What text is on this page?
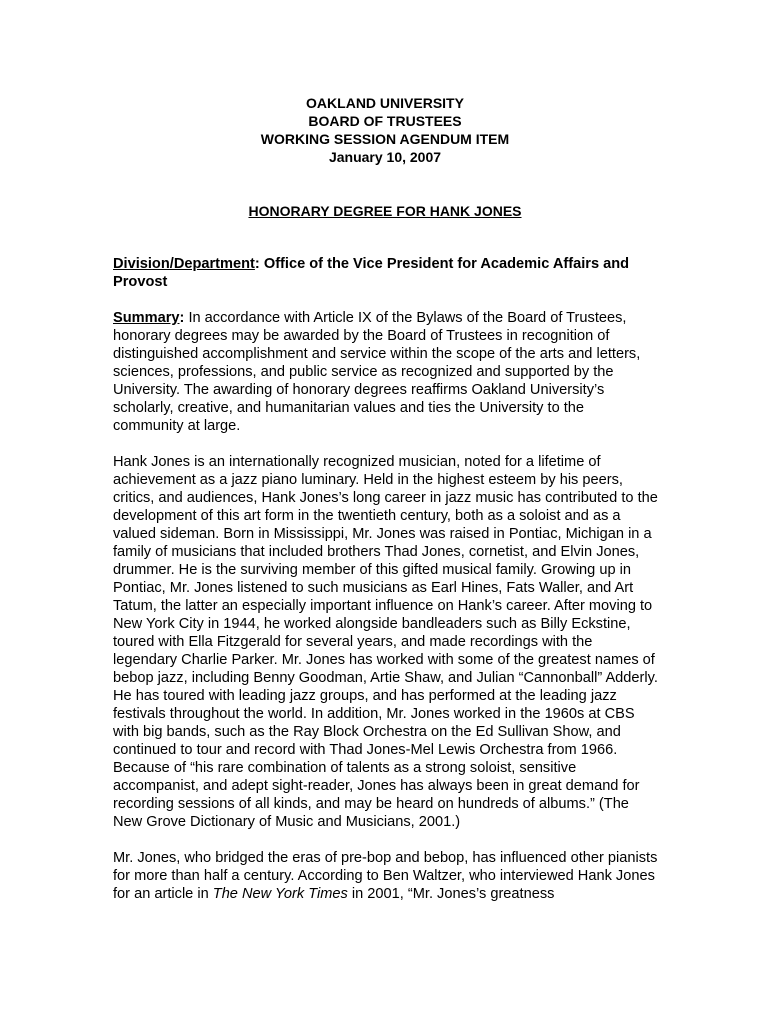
OAKLAND UNIVERSITY
BOARD OF TRUSTEES
WORKING SESSION AGENDUM ITEM
January 10, 2007
HONORARY DEGREE FOR HANK JONES

Division/Department: Office of the Vice President for Academic Affairs and Provost

Summary: In accordance with Article IX of the Bylaws of the Board of Trustees, honorary degrees may be awarded by the Board of Trustees in recognition of distinguished accomplishment and service within the scope of the arts and letters, sciences, professions, and public service as recognized and supported by the University. The awarding of honorary degrees reaffirms Oakland University’s scholarly, creative, and humanitarian values and ties the University to the community at large.

Hank Jones is an internationally recognized musician, noted for a lifetime of achievement as a jazz piano luminary. Held in the highest esteem by his peers, critics, and audiences, Hank Jones’s long career in jazz music has contributed to the development of this art form in the twentieth century, both as a soloist and as a valued sideman. Born in Mississippi, Mr. Jones was raised in Pontiac, Michigan in a family of musicians that included brothers Thad Jones, cornetist, and Elvin Jones, drummer. He is the surviving member of this gifted musical family. Growing up in Pontiac, Mr. Jones listened to such musicians as Earl Hines, Fats Waller, and Art Tatum, the latter an especially important influence on Hank’s career. After moving to New York City in 1944, he worked alongside bandleaders such as Billy Eckstine, toured with Ella Fitzgerald for several years, and made recordings with the legendary Charlie Parker. Mr. Jones has worked with some of the greatest names of bebop jazz, including Benny Goodman, Artie Shaw, and Julian “Cannonball” Adderly. He has toured with leading jazz groups, and has performed at the leading jazz festivals throughout the world. In addition, Mr. Jones worked in the 1960s at CBS with big bands, such as the Ray Block Orchestra on the Ed Sullivan Show, and continued to tour and record with Thad Jones-Mel Lewis Orchestra from 1966. Because of “his rare combination of talents as a strong soloist, sensitive accompanist, and adept sight-reader, Jones has always been in great demand for recording sessions of all kinds, and may be heard on hundreds of albums.” (The New Grove Dictionary of Music and Musicians, 2001.)

Mr. Jones, who bridged the eras of pre-bop and bebop, has influenced other pianists for more than half a century. According to Ben Waltzer, who interviewed Hank Jones for an article in The New York Times in 2001, “Mr. Jones’s greatness
